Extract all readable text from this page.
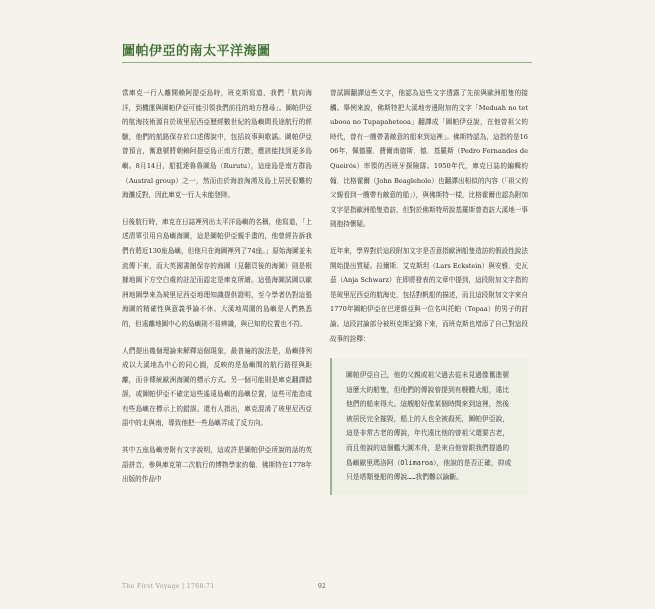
圖帕伊亞的南太平洋海圖

當庫克一行人離開賴阿提亞島時，班克斯寫道，我們「航向海洋，到機運與圖帕伊亞可能引領我們前往的地方搜尋」。圖帕伊亞的航海技術源自於玻里尼西亞歷經數世紀的島嶼間長途航行的經驗，他們的航路保存於口述傳說中，包括故事與歌謠。圖帕伊亞曾預言，奮進號將朝賴阿提亞島正南方行駛，應該能找到更多島嶼。8月14日，船抵達魯魯圖島（Rurutu），這座島是南方群島（Austral group）之一，然而由於海浪洶湧及島上居民很難的海灘反對，因此庫克一行人未能登陸。

日後航行時，庫克在日誌裡列出太平洋島嶼的名稱，他寫道，「上述清單引用自島嶼海圖，這是圖帕伊亞親手畫的，他曾經告訴我們有將近130座島嶼，但他只在海圖裡列了74座。」原始海圖並未流傳下來，而大英國書館保存的海圖（見翻頁後的海圖）則是根據地圖下方空白處的註記而認定是庫克所繪。這張海圖試圖以歐洲地圖學來為玻里尼西亞地理知識提供證明，至今學者仍對這張海圖的精確性與意義爭論不休。大溪地周圍的島嶼是人們熟悉的，但遠離地圖中心的島嶼則不易辨識，與已知的位置也不符。

人們提出幾個理論來解釋這個現象，最普遍的說法是，島嶼排列成以大溪地為中心的同心圓，反映的是島嶼間的航行路徑與距離，而非傳統歐洲海圖的標示方式。另一個可能則是庫克翻譯錯誤，或圖帕伊亞不確定這些遙遠島嶼的島嶼位置，這些可能造成有些島嶼在標示上的錯誤。還有人指出，庫克混淆了玻里尼西亞語中的北與南，導致他把一些島嶼弄成了反方向。

其中五座島嶼旁附有文字說明，這或許是圖帕伊亞所說的話的英語拼音，參與庫克第二次航行的博物學家約翰．佛斯特在1778年出版的作品中

曾試圖翻譯這些文字，他認為這些文字透露了先前與歐洲船隻的接觸。舉例來說，佛斯特把大溪地旁邊附加的文字「Meduah no tetubooa no Tupapaheteoa」翻譯成「圖帕伊亞說，在他曾祖父的時代，曾有一艘帶著敵意的船來到這裡」。佛斯特認為，這指的是1606年，佩德羅．費爾南德斯．德．基羅斯（Pedro Fernandes de Queirós）率領的西班牙探險隊。1950年代，庫克日誌的編輯約翰．比格霍爾（John Beaglehole）也翻譯出相似的內容（「祖父的父親看到一艘帶有敵意的船」），與佛斯特一樣，比格霍爾也認為附加文字是指歐洲船隻造訪，但對於佛斯特所說基羅斯曾造訪大溪地一事則抱持懷疑。

近年來，學界對於這段附加文字是否意指歐洲船隻造訪的假設性說法開始提出質疑。拉爾斯．艾克斯坦（Lars Eckstein）與安雅．史瓦茲（Anja Schwarz）在即將發表的文章中提到，這段附加文字指的是玻里尼西亞的航海史，包括對帆船的描述，而且這段附加文字來自1770年圖帕伊亞在巴達維亞與一位名叫托帕（Topaa）的男子的討論。這段討論部分被班克斯記錄下來，而班克斯也增添了自己對這段故事的詮釋：

圖帕伊亞自己，他的父親或祖父過去從未見過像奮進號這麼大的船隻，但他們的傳說曾提到有艘體大船，遠比他們的船來得大。這艘船好像某個時間來到這裡，然後被居民完全摧毀，船上的人也全被殺死，圖帕伊亞說，這是非常古老的傳說，年代遠比他的曾祖父還要古老，而且他說的這個艦大圓木舟，是來自他曾跟我們提過的島嶼歐里瑪洛阿（Olimaroa），他說的是否正確，抑或只是塔類曼船的傳說……我們難以論斷。
The First Voyage | 1768-71	92
